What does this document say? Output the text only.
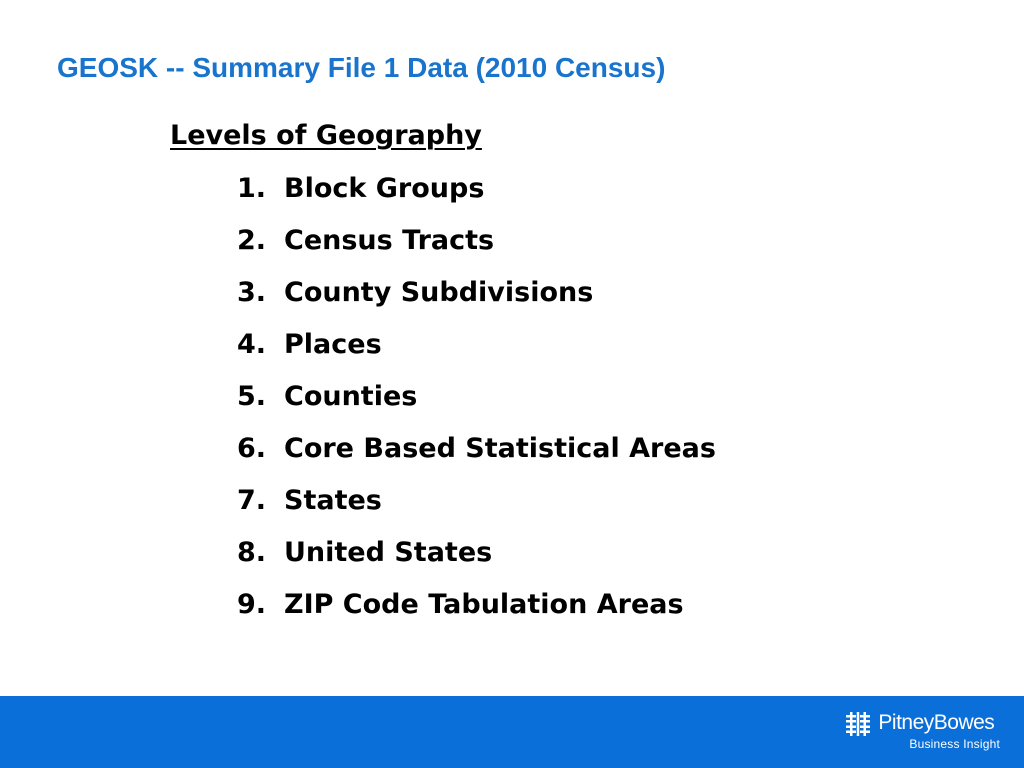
GEOSK -- Summary File 1 Data (2010 Census)
Levels of Geography
1. Block Groups
2. Census Tracts
3. County Subdivisions
4. Places
5. Counties
6. Core Based Statistical Areas
7. States
8. United States
9. ZIP Code Tabulation Areas
PitneyBowes
Business Insight
